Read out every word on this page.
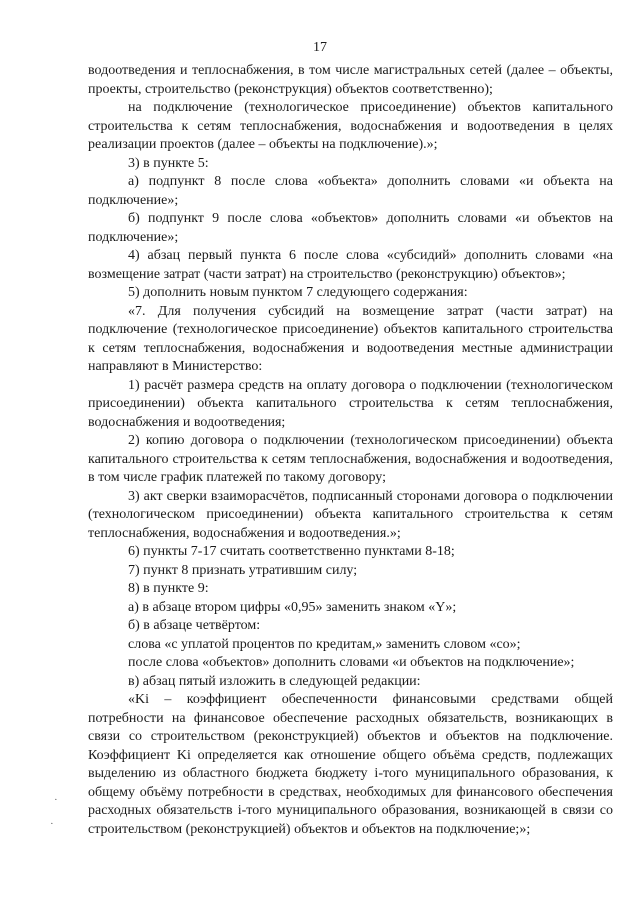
17

водоотведения и теплоснабжения, в том числе магистральных сетей (далее – объекты, проекты, строительство (реконструкция) объектов соответственно);

на подключение (технологическое присоединение) объектов капитального строительства к сетям теплоснабжения, водоснабжения и водоотведения в целях реализации проектов (далее – объекты на подключение).»;

3) в пункте 5:

а) подпункт 8 после слова «объекта» дополнить словами «и объекта на подключение»;

б) подпункт 9 после слова «объектов» дополнить словами «и объектов на подключение»;

4) абзац первый пункта 6 после слова «субсидий» дополнить словами «на возмещение затрат (части затрат) на строительство (реконструкцию) объектов»;

5) дополнить новым пунктом 7 следующего содержания:

«7. Для получения субсидий на возмещение затрат (части затрат) на подключение (технологическое присоединение) объектов капитального строительства к сетям теплоснабжения, водоснабжения и водоотведения местные администрации направляют в Министерство:

1) расчёт размера средств на оплату договора о подключении (технологическом присоединении) объекта капитального строительства к сетям теплоснабжения, водоснабжения и водоотведения;

2) копию договора о подключении (технологическом присоединении) объекта капитального строительства к сетям теплоснабжения, водоснабжения и водоотведения, в том числе график платежей по такому договору;

3) акт сверки взаиморасчётов, подписанный сторонами договора о подключении (технологическом присоединении) объекта капитального строительства к сетям теплоснабжения, водоснабжения и водоотведения.»;

6) пункты 7-17 считать соответственно пунктами 8-18;

7) пункт 8 признать утратившим силу;

8) в пункте 9:

а) в абзаце втором цифры «0,95» заменить знаком «Y»;

б) в абзаце четвёртом:

слова «с уплатой процентов по кредитам,» заменить словом «со»;

после слова «объектов» дополнить словами «и объектов на подключение»;

в) абзац пятый изложить в следующей редакции:

«Ki – коэффициент обеспеченности финансовыми средствами общей потребности на финансовое обеспечение расходных обязательств, возникающих в связи со строительством (реконструкцией) объектов и объектов на подключение. Коэффициент Ki определяется как отношение общего объёма средств, подлежащих выделению из областного бюджета бюджету i-того муниципального образования, к общему объёму потребности в средствах, необходимых для финансового обеспечения расходных обязательств i-того муниципального образования, возникающей в связи со строительством (реконструкцией) объектов и объектов на подключение;»;

·
·
